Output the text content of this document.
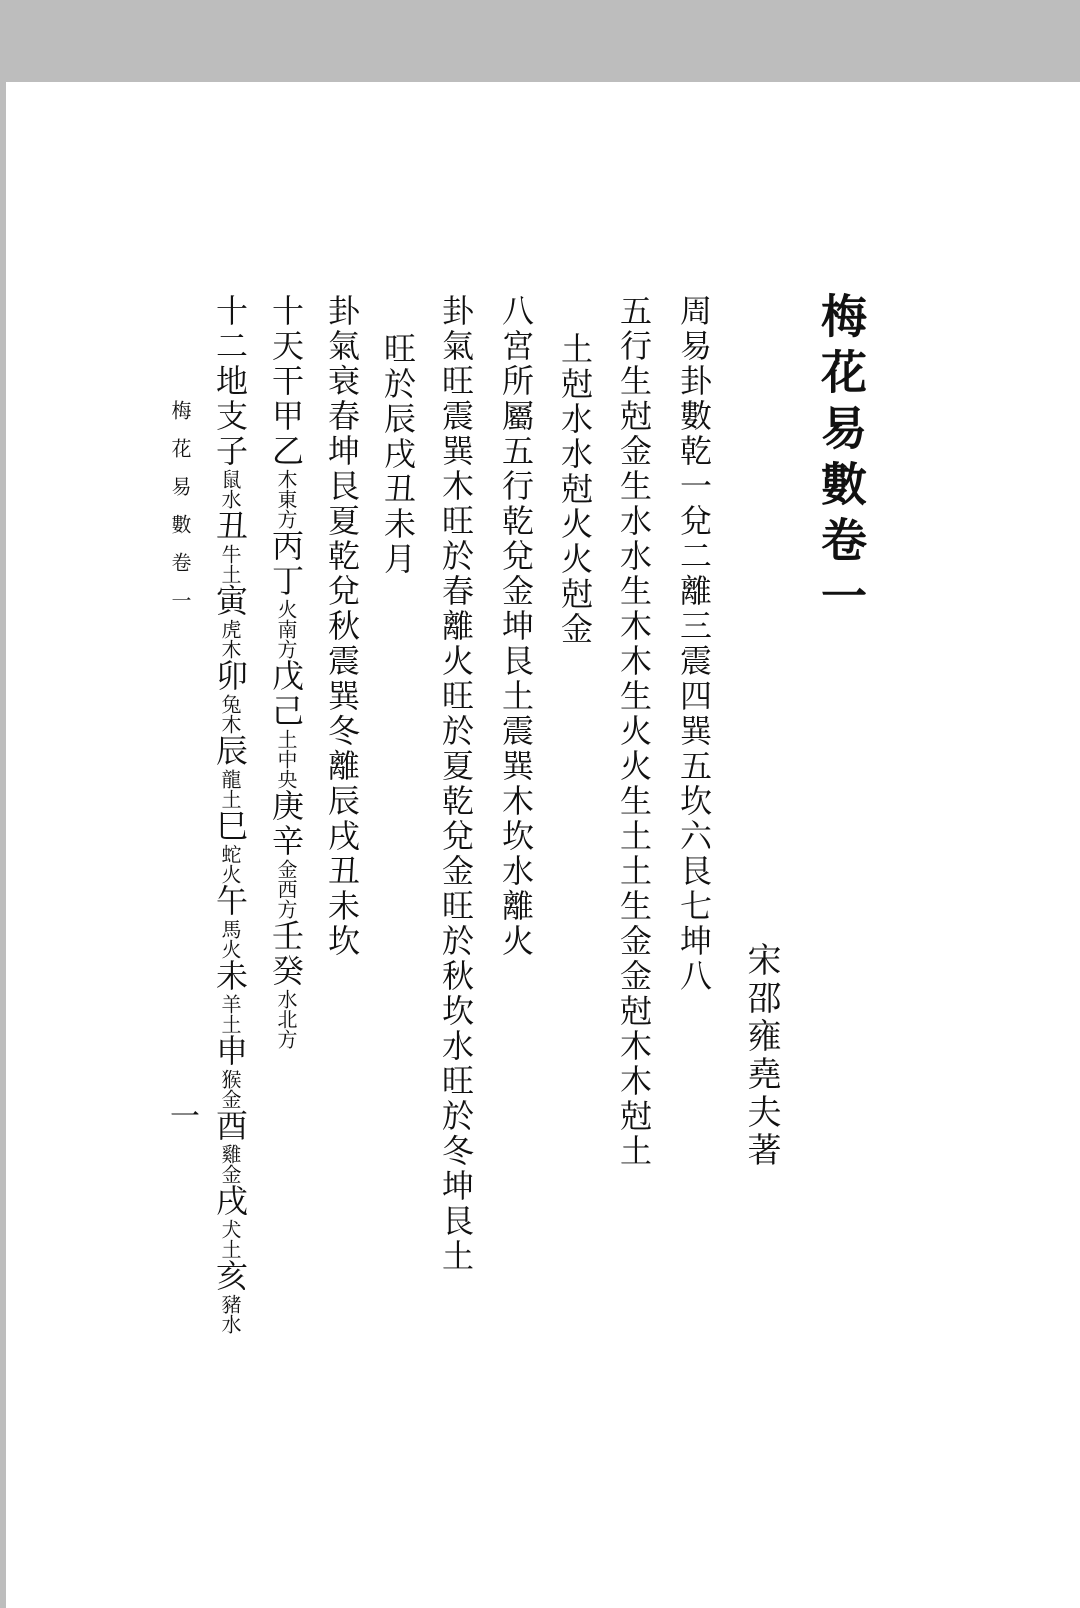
梅花易數卷一
宋邵雍堯夫著
周易卦數乾一兌二離三震四巽五坎六艮七坤八
五行生尅金生水水生木木生火火生土土生金金尅木木尅土
土尅水水尅火火尅金
八宮所屬五行乾兌金坤艮土震巽木坎水離火
卦氣旺震巽木旺於春離火旺於夏乾兌金旺於秋坎水旺於冬坤艮土
旺於辰戌丑未月
卦氣衰春坤艮夏乾兌秋震巽冬離辰戌丑未坎
十天干甲乙木東方丙丁火南方戊己土中央庚辛金西方壬癸水北方
十二地支子鼠水丑牛土寅虎木卯兔木辰龍土巳蛇火午馬火未羊土申猴金酉雞金戌犬土亥豬水
梅花易數卷一
一
